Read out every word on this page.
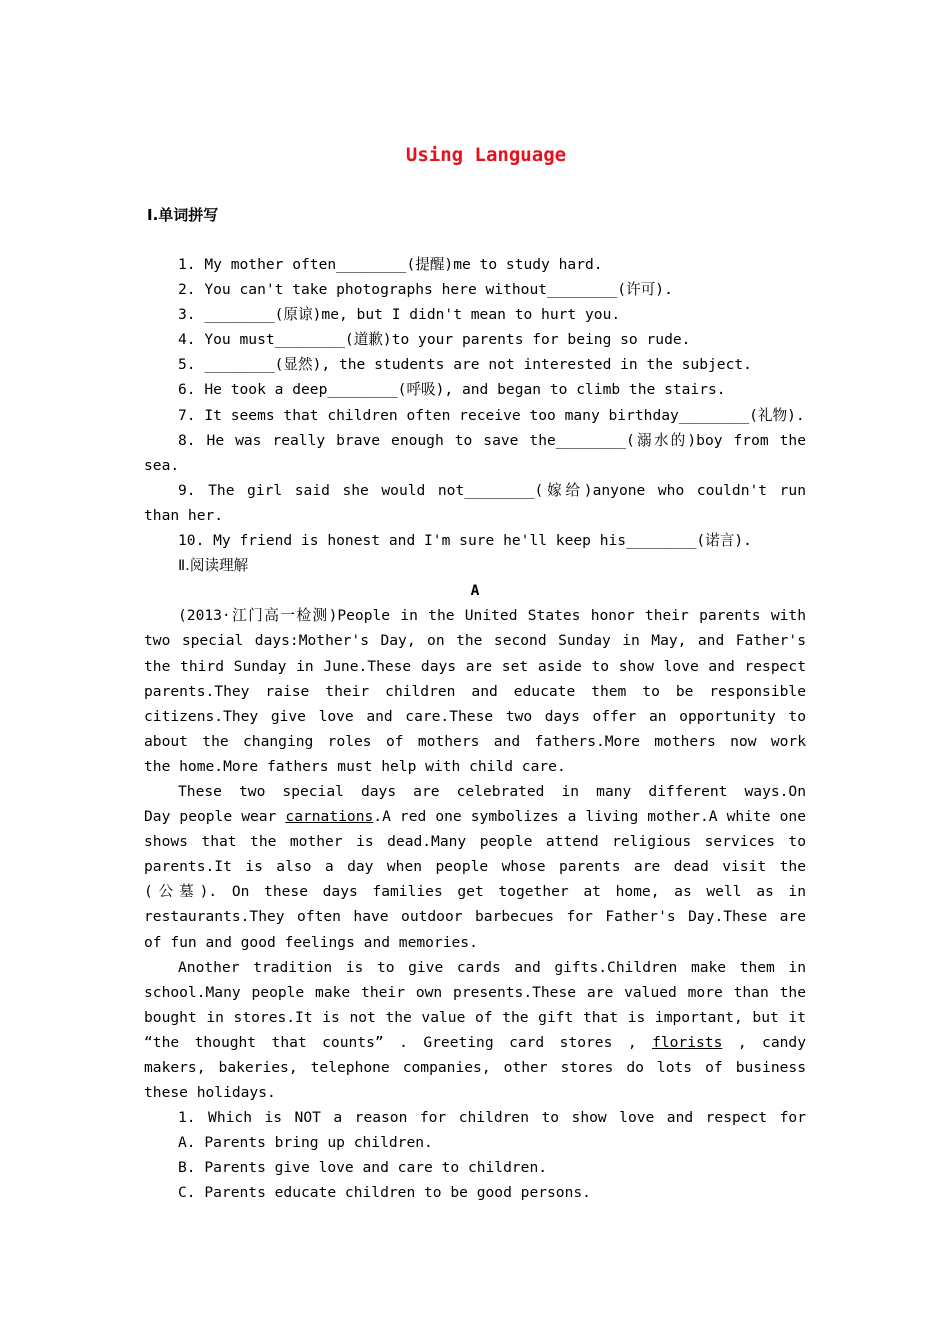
Using Language
Ⅰ.单词拼写
1. My mother often________(提醒)me to study hard.
2. You can't take photographs here without________(许可).
3. ________(原谅)me, but I didn't mean to hurt you.
4. You must________(道歉)to your parents for being so rude.
5. ________(显然), the students are not interested in the subject.
6. He took a deep________(呼吸), and began to climb the stairs.
7. It seems that children often receive too many birthday________(礼物).
8. He was really brave enough to save the________(溺水的)boy from the
sea.
9. The girl said she would not________(嫁给)anyone who couldn't run
than her.
10. My friend is honest and I'm sure he'll keep his________(诺言).
Ⅱ.阅读理解
A
(2013·江门高一检测)People in the United States honor their parents with
two special days:Mother's Day, on the second Sunday in May, and Father's
the third Sunday in June.These days are set aside to show love and respect
parents.They raise their children and educate them to be responsible
citizens.They give love and care.These two days offer an opportunity to
about the changing roles of mothers and fathers.More mothers now work
the home.More fathers must help with child care.
These two special days are celebrated in many different ways.On
Day people wear carnations.A red one symbolizes a living mother.A white one
shows that the mother is dead.Many people attend religious services to
parents.It is also a day when people whose parents are dead visit the
(公墓). On these days families get together at home, as well as in
restaurants.They often have outdoor barbecues for Father's Day.These are
of fun and good feelings and memories.
Another tradition is to give cards and gifts.Children make them in
school.Many people make their own presents.These are valued more than the
bought in stores.It is not the value of the gift that is important, but it
“the thought that counts” . Greeting card stores , florists , candy
makers, bakeries, telephone companies, other stores do lots of business
these holidays.
1. Which is NOT a reason for children to show love and respect for
A. Parents bring up children.
B. Parents give love and care to children.
C. Parents educate children to be good persons.
